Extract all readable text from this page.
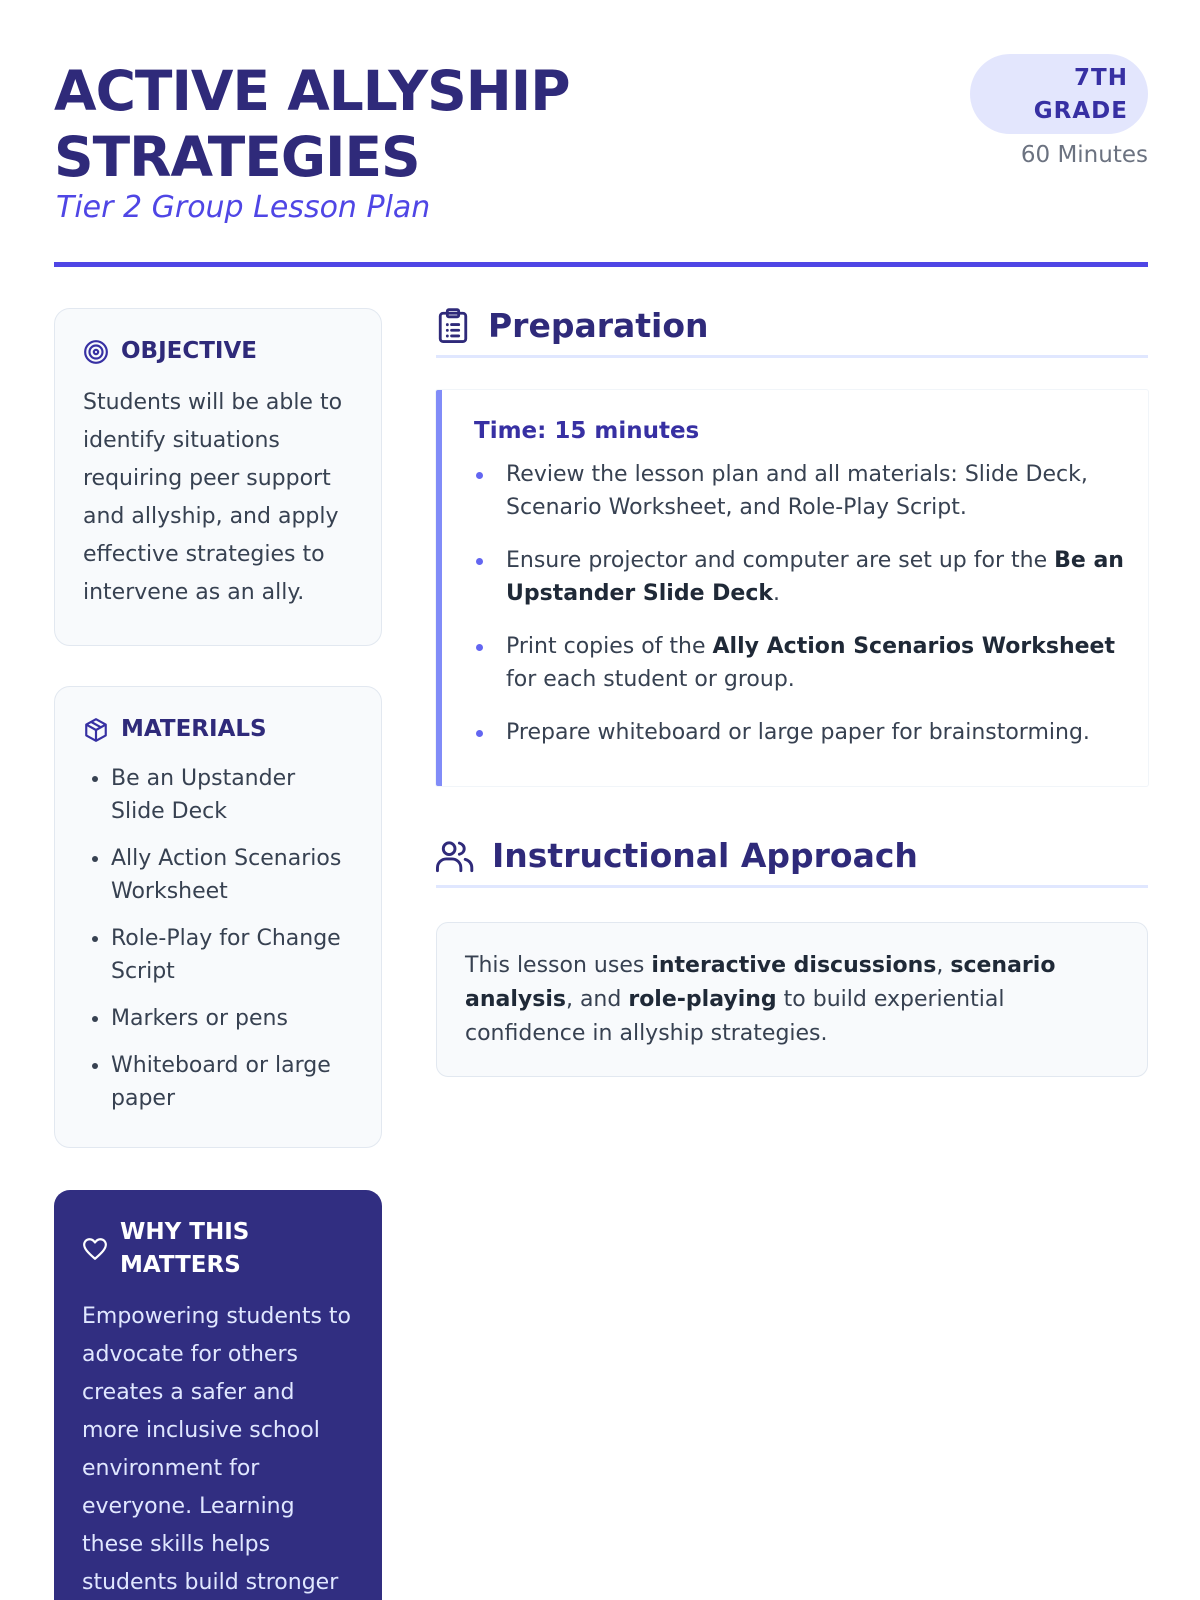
ACTIVE ALLYSHIP STRATEGIES
Tier 2 Group Lesson Plan
7TH GRADE
60 Minutes
OBJECTIVE

Students will be able to identify situations requiring peer support and allyship, and apply effective strategies to intervene as an ally.

MATERIALS
• Be an Upstander Slide Deck
• Ally Action Scenarios Worksheet
• Role-Play for Change Script
• Markers or pens
• Whiteboard or large paper
WHY THIS MATTERS

Empowering students to advocate for others creates a safer and more inclusive school environment for everyone. Learning these skills helps students build stronger

Preparation
Time: 15 minutes
Review the lesson plan and all materials: Slide Deck, Scenario Worksheet, and Role-Play Script.
Ensure projector and computer are set up for the Be an Upstander Slide Deck.
Print copies of the Ally Action Scenarios Worksheet for each student or group.
Prepare whiteboard or large paper for brainstorming.
Instructional Approach
This lesson uses interactive discussions, scenario analysis, and role-playing to build experiential confidence in allyship strategies.
